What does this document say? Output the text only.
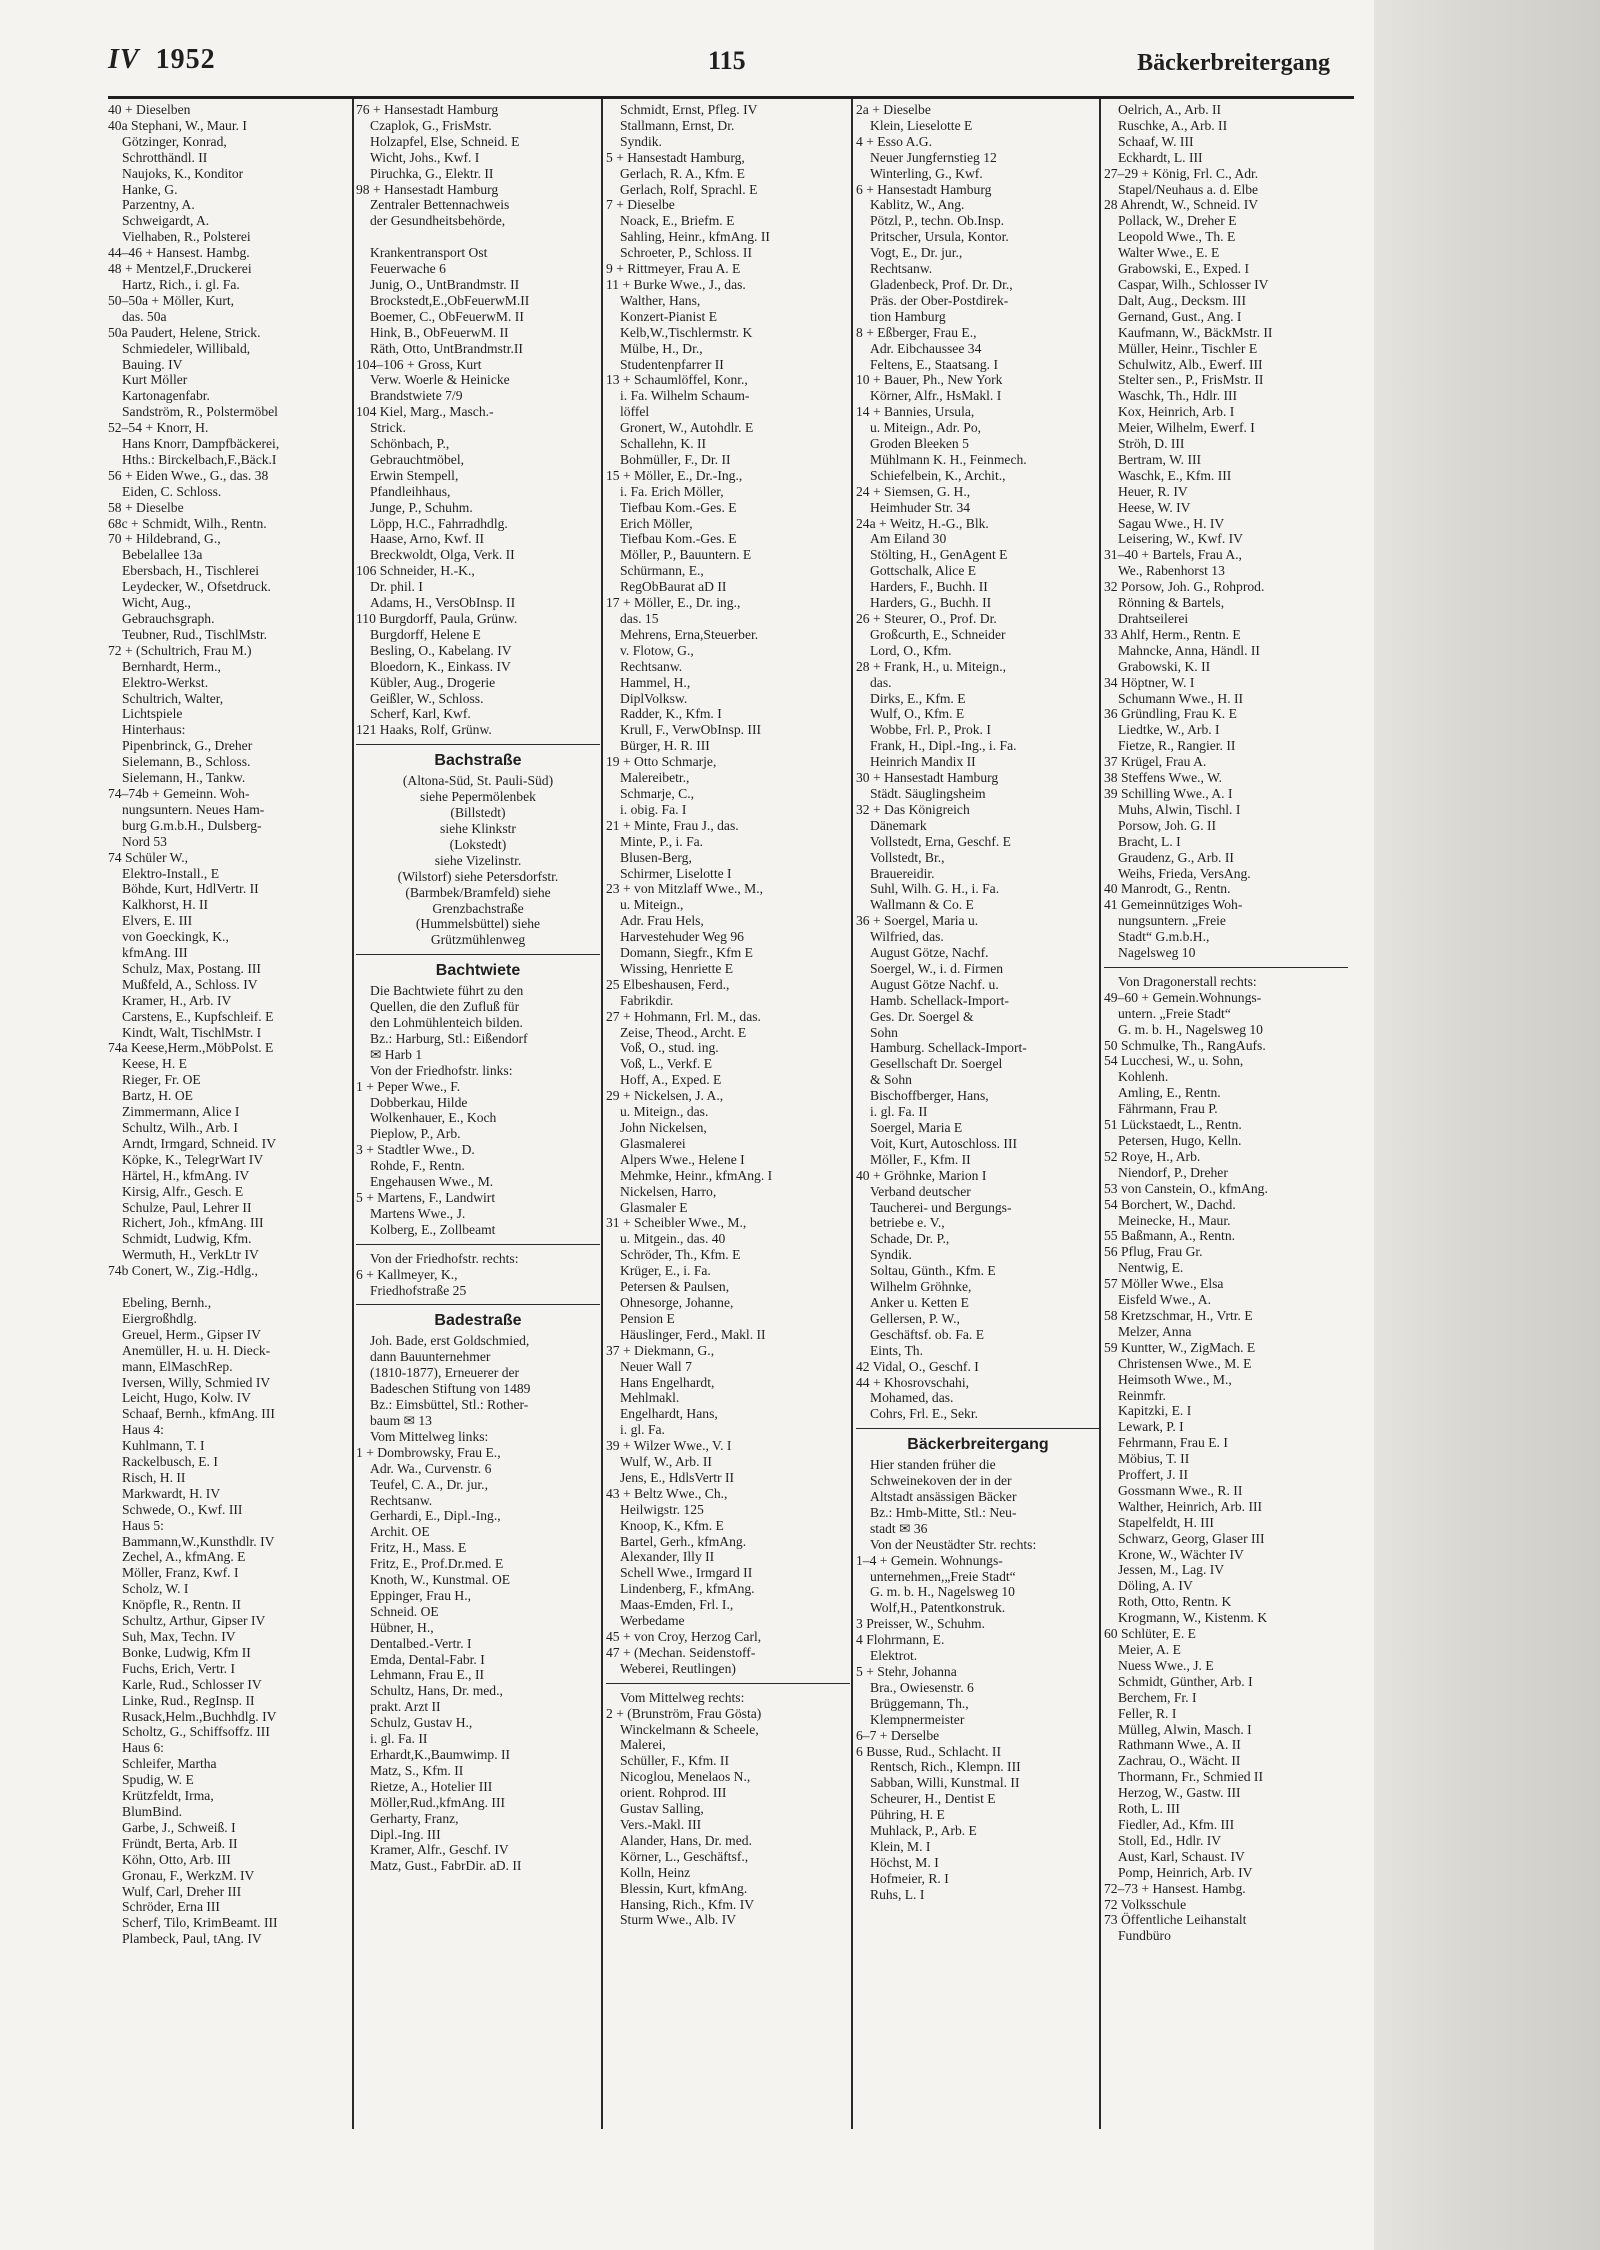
IV 1952	115	Bäckerbreitergang
40 + Dieselben
40a Stephani, W., Maur. I
Götzinger, Konrad,
Schrotthändl. II
Naujoks, K., Konditor
Hanke, G.
Parzentny, A.
Schweigardt, A.
Vielhaben, R., Polsterei
44–46 + Hansest. Hambg.
48 + Mentzel,F.,Druckerei
Hartz, Rich., i. gl. Fa.
50–50a + Möller, Kurt,
das. 50a
50a Paudert, Helene, Strick.
Schmiedeler, Willibald,
Bauing. IV
Kurt Möller
Kartonagenfabr.
Sandström, R., Polstermöbel
52–54 + Knorr, H.
Hans Knorr, Dampfbäckerei,
Hths.: Birckelbach,F.,Bäck.I
56 + Eiden Wwe., G., das. 38
Eiden, C. Schloss.
58 + Dieselbe
68c + Schmidt, Wilh., Rentn.
70 + Hildebrand, G.,
Bebelallee 13a
Ebersbach, H., Tischlerei
Leydecker, W., Ofsetdruck.
Wicht, Aug.,
Gebrauchsgraph.
Teubner, Rud., TischlMstr.
72 + (Schultrich, Frau M.)
Bernhardt, Herm.,
Elektro-Werkst.
Schultrich, Walter,
Lichtspiele
Hinterhaus:
Pipenbrinck, G., Dreher
Sielemann, B., Schloss.
Sielemann, H., Tankw.
74–74b + Gemeinn. Woh-
nungsuntern. Neues Ham-
burg G.m.b.H., Dulsberg-
Nord 53
74 Schüler W.,
Elektro-Install., E
Böhde, Kurt, HdlVertr. II
Kalkhorst, H. II
Elvers, E. III
von Goeckingk, K.,
kfmAng. III
Schulz, Max, Postang. III
Mußfeld, A., Schloss. IV
Kramer, H., Arb. IV
Carstens, E., Kupfschleif. E
Kindt, Walt, TischlMstr. I
74a Keese,Herm.,MöbPolst. E
Keese, H. E
Rieger, Fr. OE
Bartz, H. OE
Zimmermann, Alice I
Schultz, Wilh., Arb. I
Arndt, Irmgard, Schneid. IV
Köpke, K., TelegrWart IV
Härtel, H., kfmAng. IV
Kirsig, Alfr., Gesch. E
Schulze, Paul, Lehrer II
Richert, Joh., kfmAng. III
Schmidt, Ludwig, Kfm.
Wermuth, H., VerkLtr IV
74b Conert, W., Zig.-Hdlg.,

Ebeling, Bernh.,
Eiergroßhdlg.
Greuel, Herm., Gipser IV
Anemüller, H. u. H. Dieck-
mann, ElMaschRep.
Iversen, Willy, Schmied IV
Leicht, Hugo, Kolw. IV
Schaaf, Bernh., kfmAng. III
Haus 4:
Kuhlmann, T. I
Rackelbusch, E. I
Risch, H. II
Markwardt, H. IV
Schwede, O., Kwf. III
Haus 5:
Bammann,W.,Kunsthdlr. IV
Zechel, A., kfmAng. E
Möller, Franz, Kwf. I
Scholz, W. I
Knöpfle, R., Rentn. II
Schultz, Arthur, Gipser IV
Suh, Max, Techn. IV
Bonke, Ludwig, Kfm II
Fuchs, Erich, Vertr. I
Karle, Rud., Schlosser IV
Linke, Rud., RegInsp. II
Rusack,Helm.,Buchhdlg. IV
Scholtz, G., Schiffsoffz. III
Haus 6:
Schleifer, Martha
Spudig, W. E
Krützfeldt, Irma,
BlumBind.
Garbe, J., Schweiß. I
Fründt, Berta, Arb. II
Köhn, Otto, Arb. III
Gronau, F., WerkzM. IV
Wulf, Carl, Dreher III
Schröder, Erna III
Scherf, Tilo, KrimBeamt. III
Plambeck, Paul, tAng. IV
76 + Hansestadt Hamburg
Czaplok, G., FrisMstr.
Holzapfel, Else, Schneid. E
Wicht, Johs., Kwf. I
Piruchka, G., Elektr. II
98 + Hansestadt Hamburg
Zentraler Bettennachweis
der Gesundheitsbehörde,

Krankentransport Ost
Feuerwache 6
Junig, O., UntBrandmstr. II
Brockstedt,E.,ObFeuerwM.II
Boemer, C., ObFeuerwM. II
Hink, B., ObFeuerwM. II
Räth, Otto, UntBrandmstr.II
104–106 + Gross, Kurt
Verw. Woerle & Heinicke
Brandstwiete 7/9
104 Kiel, Marg., Masch.-
Strick.
Schönbach, P.,
Gebrauchtmöbel,
Erwin Stempell,
Pfandleihhaus,
Junge, P., Schuhm.
Löpp, H.C., Fahrradhdlg.
Haase, Arno, Kwf. II
Breckwoldt, Olga, Verk. II
106 Schneider, H.-K.,
Dr. phil. I
Adams, H., VersObInsp. II
110 Burgdorff, Paula, Grünw.
Burgdorff, Helene E
Besling, O., Kabelang. IV
Bloedorn, K., Einkass. IV
Kübler, Aug., Drogerie
Geißler, W., Schloss.
Scherf, Karl, Kwf.
121 Haaks, Rolf, Grünw.
Bachstraße
(Altona-Süd, St. Pauli-Süd)
siehe Pepermölenbek
(Billstedt)
siehe Klinkstr
(Lokstedt)
siehe Vizelinstr.
(Wilstorf) siehe Petersdorfstr.
(Barmbek/Bramfeld) siehe
Grenzbachstraße
(Hummelsbüttel) siehe
Grützmühlenweg
Bachtwiete
Die Bachtwiete führt zu den
Quellen, die den Zufluß für
den Lohmühlenteich bilden.
Bz.: Harburg, Stl.: Eißendorf
✉ Harb 1
Von der Friedhofstr. links:
1 + Peper Wwe., F.
Dobberkau, Hilde
Wolkenhauer, E., Koch
Pieplow, P., Arb.
3 + Stadtler Wwe., D.
Rohde, F., Rentn.
Engehausen Wwe., M.
5 + Martens, F., Landwirt
Martens Wwe., J.
Kolberg, E., Zollbeamt
Von der Friedhofstr. rechts:
6 + Kallmeyer, K.,
Friedhofstraße 25
Badestraße
Joh. Bade, erst Goldschmied,
dann Bauunternehmer
(1810-1877), Erneuerer der
Badeschen Stiftung von 1489
Bz.: Eimsbüttel, Stl.: Rother-
baum ✉ 13
Vom Mittelweg links:
1 + Dombrowsky, Frau E.,
Adr. Wa., Curvenstr. 6
Teufel, C. A., Dr. jur.,
Rechtsanw.
Gerhardi, E., Dipl.-Ing.,
Archit. OE
Fritz, H., Mass. E
Fritz, E., Prof.Dr.med. E
Knoth, W., Kunstmal. OE
Eppinger, Frau H.,
Schneid. OE
Hübner, H.,
Dentalbed.-Vertr. I
Emda, Dental-Fabr. I
Lehmann, Frau E., II
Schultz, Hans, Dr. med.,
prakt. Arzt II
Schulz, Gustav H.,
i. gl. Fa. II
Erhardt,K.,Baumwimp. II
Matz, S., Kfm. II
Rietze, A., Hotelier III
Möller,Rud.,kfmAng. III
Gerharty, Franz,
Dipl.-Ing. III
Kramer, Alfr., Geschf. IV
Matz, Gust., FabrDir. aD. II
Schmidt, Ernst, Pfleg. IV
Stallmann, Ernst, Dr.
Syndik.
5 + Hansestadt Hamburg,
Gerlach, R. A., Kfm. E
Gerlach, Rolf, Sprachl. E
7 + Dieselbe
Noack, E., Briefm. E
Sahling, Heinr., kfmAng. II
Schroeter, P., Schloss. II
9 + Rittmeyer, Frau A. E
11 + Burke Wwe., J., das.
Walther, Hans,
Konzert-Pianist E
Kelb,W.,Tischlermstr. K
Mülbe, H., Dr.,
Studentenpfarrer II
13 + Schaumlöffel, Konr.,
i. Fa. Wilhelm Schaum-
löffel
Gronert, W., Autohdlr. E
Schallehn, K. II
Bohmüller, F., Dr. II
15 + Möller, E., Dr.-Ing.,
i. Fa. Erich Möller,
Tiefbau Kom.-Ges. E
Erich Möller,
Tiefbau Kom.-Ges. E
Möller, P., Bauuntern. E
Schürmann, E.,
RegObBaurat aD II
17 + Möller, E., Dr. ing.,
das. 15
Mehrens, Erna,Steuerber.
v. Flotow, G.,
Rechtsanw.
Hammel, H.,
DiplVolksw.
Radder, K., Kfm. I
Krull, F., VerwObInsp. III
Bürger, H. R. III
19 + Otto Schmarje,
Malereibetr.,
Schmarje, C.,
i. obig. Fa. I
21 + Minte, Frau J., das.
Minte, P., i. Fa.
Blusen-Berg,
Schirmer, Liselotte I
23 + von Mitzlaff Wwe., M.,
u. Miteign.,
Adr. Frau Hels,
Harvestehuder Weg 96
Domann, Siegfr., Kfm E
Wissing, Henriette E
25 Elbeshausen, Ferd.,
Fabrikdir.
27 + Hohmann, Frl. M., das.
Zeise, Theod., Archt. E
Voß, O., stud. ing.
Voß, L., Verkf. E
Hoff, A., Exped. E
29 + Nickelsen, J. A.,
u. Miteign., das.
John Nickelsen,
Glasmalerei
Alpers Wwe., Helene I
Mehmke, Heinr., kfmAng. I
Nickelsen, Harro,
Glasmaler E
31 + Scheibler Wwe., M.,
u. Mitgein., das. 40
Schröder, Th., Kfm. E
Krüger, E., i. Fa.
Petersen & Paulsen,
Ohnesorge, Johanne,
Pension E
Häuslinger, Ferd., Makl. II
37 + Diekmann, G.,
Neuer Wall 7
Hans Engelhardt,
Mehlmakl.
Engelhardt, Hans,
i. gl. Fa.
39 + Wilzer Wwe., V. I
Wulf, W., Arb. II
Jens, E., HdlsVertr II
43 + Beltz Wwe., Ch.,
Heilwigstr. 125
Knoop, K., Kfm. E
Bartel, Gerh., kfmAng.
Alexander, Illy II
Schell Wwe., Irmgard II
Lindenberg, F., kfmAng.
Maas-Emden, Frl. I.,
Werbedame
45 + von Croy, Herzog Carl,
47 + (Mechan. Seidenstoff-
Weberei, Reutlingen)
Vom Mittelweg rechts:
2 + (Brunström, Frau Gösta)
Winckelmann & Scheele,
Malerei,
Schüller, F., Kfm. II
Nicoglou, Menelaos N.,
orient. Rohprod. III
Gustav Salling,
Vers.-Makl. III
Alander, Hans, Dr. med.
Körner, L., Geschäftsf.,
Kolln, Heinz
Blessin, Kurt, kfmAng.
Hansing, Rich., Kfm. IV
Sturm Wwe., Alb. IV
2a + Dieselbe
Klein, Lieselotte E
4 + Esso A.G.
Neuer Jungfernstieg 12
Winterling, G., Kwf.
6 + Hansestadt Hamburg
Kablitz, W., Ang.
Pötzl, P., techn. Ob.Insp.
Pritscher, Ursula, Kontor.
Vogt, E., Dr. jur.,
Rechtsanw.
Gladenbeck, Prof. Dr. Dr.,
Präs. der Ober-Postdirek-
tion Hamburg
8 + Eßberger, Frau E.,
Adr. Eibchaussee 34
Feltens, E., Staatsang. I
10 + Bauer, Ph., New York
Körner, Alfr., HsMakl. I
14 + Bannies, Ursula,
u. Miteign., Adr. Po,
Groden Bleeken 5
Mühlmann K. H., Feinmech.
Schiefelbein, K., Archit.,
24 + Siemsen, G. H.,
Heimhuder Str. 34
24a + Weitz, H.-G., Blk.
Am Eiland 30
Stölting, H., GenAgent E
Gottschalk, Alice E
Harders, F., Buchh. II
Harders, G., Buchh. II
26 + Steurer, O., Prof. Dr.
Großcurth, E., Schneider
Lord, O., Kfm.
28 + Frank, H., u. Miteign.,
das.
Dirks, E., Kfm. E
Wulf, O., Kfm. E
Wobbe, Frl. P., Prok. I
Frank, H., Dipl.-Ing., i. Fa.
Heinrich Mandix II
30 + Hansestadt Hamburg
Städt. Säuglingsheim
32 + Das Königreich
Dänemark
Vollstedt, Erna, Geschf. E
Vollstedt, Br.,
Brauereidir.
Suhl, Wilh. G. H., i. Fa.
Wallmann & Co. E
36 + Soergel, Maria u.
Wilfried, das.
August Götze, Nachf.
Soergel, W., i. d. Firmen
August Götze Nachf. u.
Hamb. Schellack-Import-
Ges. Dr. Soergel &
Sohn
Hamburg. Schellack-Import-
Gesellschaft Dr. Soergel
& Sohn
Bischoffberger, Hans,
i. gl. Fa. II
Soergel, Maria E
Voit, Kurt, Autoschloss. III
Möller, F., Kfm. II
40 + Gröhnke, Marion I
Verband deutscher
Taucherei- und Bergungs-
betriebe e. V.,
Schade, Dr. P.,
Syndik.
Soltau, Günth., Kfm. E
Wilhelm Gröhnke,
Anker u. Ketten E
Gellersen, P. W.,
Geschäftsf. ob. Fa. E
Eints, Th.
42 Vidal, O., Geschf. I
44 + Khosrovschahi,
Mohamed, das.
Cohrs, Frl. E., Sekr.
Bäckerbreitergang
Hier standen früher die
Schweinekoven der in der
Altstadt ansässigen Bäcker
Bz.: Hmb-Mitte, Stl.: Neu-
stadt ✉ 36
Von der Neustädter Str. rechts:
1–4 + Gemein. Wohnungs-
unternehmen,„Freie Stadt“
G. m. b. H., Nagelsweg 10
Wolf,H., Patentkonstruk.
3 Preisser, W., Schuhm.
4 Flohrmann, E.
Elektrot.
5 + Stehr, Johanna
Bra., Owiesenstr. 6
Brüggemann, Th.,
Klempnermeister
6–7 + Derselbe
6 Busse, Rud., Schlacht. II
Rentsch, Rich., Klempn. III
Sabban, Willi, Kunstmal. II
Scheurer, H., Dentist E
Pühring, H. E
Muhlack, P., Arb. E
Klein, M. I
Höchst, M. I
Hofmeier, R. I
Ruhs, L. I
Oelrich, A., Arb. II
Ruschke, A., Arb. II
Schaaf, W. III
Eckhardt, L. III
27–29 + König, Frl. C., Adr.
Stapel/Neuhaus a. d. Elbe
28 Ahrendt, W., Schneid. IV
Pollack, W., Dreher E
Leopold Wwe., Th. E
Walter Wwe., E. E
Grabowski, E., Exped. I
Caspar, Wilh., Schlosser IV
Dalt, Aug., Decksm. III
Gernand, Gust., Ang. I
Kaufmann, W., BäckMstr. II
Müller, Heinr., Tischler E
Schulwitz, Alb., Ewerf. III
Stelter sen., P., FrisMstr. II
Waschk, Th., Hdlr. III
Kox, Heinrich, Arb. I
Meier, Wilhelm, Ewerf. I
Ströh, D. III
Bertram, W. III
Waschk, E., Kfm. III
Heuer, R. IV
Heese, W. IV
Sagau Wwe., H. IV
Leisering, W., Kwf. IV
31–40 + Bartels, Frau A.,
We., Rabenhorst 13
32 Porsow, Joh. G., Rohprod.
Rönning & Bartels,
Drahtseilerei
33 Ahlf, Herm., Rentn. E
Mahncke, Anna, Händl. II
Grabowski, K. II
34 Höptner, W. I
Schumann Wwe., H. II
36 Gründling, Frau K. E
Liedtke, W., Arb. I
Fietze, R., Rangier. II
37 Krügel, Frau A.
38 Steffens Wwe., W.
39 Schilling Wwe., A. I
Muhs, Alwin, Tischl. I
Porsow, Joh. G. II
Bracht, L. I
Graudenz, G., Arb. II
Weihs, Frieda, VersAng.
40 Manrodt, G., Rentn.
41 Gemeinnütziges Woh-
nungsuntern. „Freie
Stadt“ G.m.b.H.,
Nagelsweg 10
Von Dragonerstall rechts:
49–60 + Gemein.Wohnungs-
untern. „Freie Stadt“
G. m. b. H., Nagelsweg 10
50 Schmulke, Th., RangAufs.
54 Lucchesi, W., u. Sohn,
Kohlenh.
Amling, E., Rentn.
Fährmann, Frau P.
51 Lückstaedt, L., Rentn.
Petersen, Hugo, Kelln.
52 Roye, H., Arb.
Niendorf, P., Dreher
53 von Canstein, O., kfmAng.
54 Borchert, W., Dachd.
Meinecke, H., Maur.
55 Baßmann, A., Rentn.
56 Pflug, Frau Gr.
Nentwig, E.
57 Möller Wwe., Elsa
Eisfeld Wwe., A.
58 Kretzschmar, H., Vrtr. E
Melzer, Anna
59 Kuntter, W., ZigMach. E
Christensen Wwe., M. E
Heimsoth Wwe., M.,
Reinmfr.
Kapitzki, E. I
Lewark, P. I
Fehrmann, Frau E. I
Möbius, T. II
Proffert, J. II
Gossmann Wwe., R. II
Walther, Heinrich, Arb. III
Stapelfeldt, H. III
Schwarz, Georg, Glaser III
Krone, W., Wächter IV
Jessen, M., Lag. IV
Döling, A. IV
Roth, Otto, Rentn. K
Krogmann, W., Kistenm. K
60 Schlüter, E. E
Meier, A. E
Nuess Wwe., J. E
Schmidt, Günther, Arb. I
Berchem, Fr. I
Feller, R. I
Mülleg, Alwin, Masch. I
Rathmann Wwe., A. II
Zachrau, O., Wächt. II
Thormann, Fr., Schmied II
Herzog, W., Gastw. III
Roth, L. III
Fiedler, Ad., Kfm. III
Stoll, Ed., Hdlr. IV
Aust, Karl, Schaust. IV
Pomp, Heinrich, Arb. IV
72–73 + Hansest. Hambg.
72 Volksschule
73 Öffentliche Leihanstalt
Fundbüro
